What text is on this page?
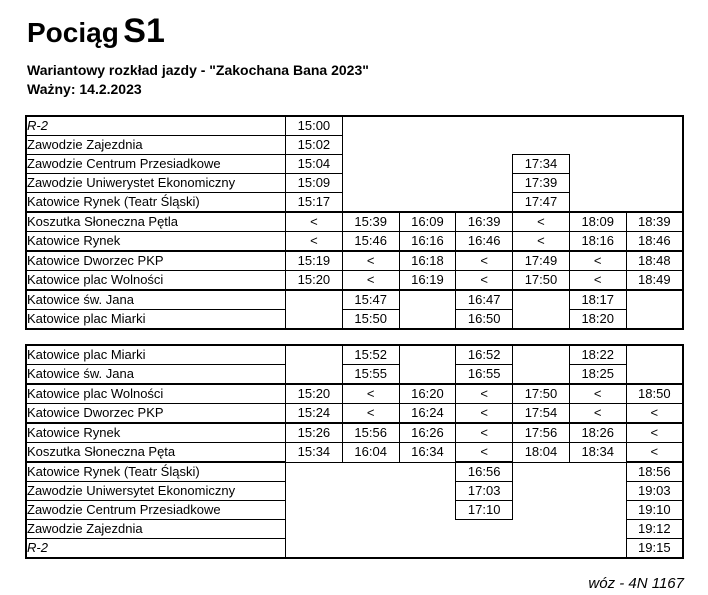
Pociąg S1
Wariantowy rozkład jazdy - "Zakochana Bana 2023"
Ważny: 14.2.2023
R-2	15:00						
Zawodzie Zajezdnia	15:02						
Zawodzie Centrum Przesiadkowe	15:04				17:34		
Zawodzie Uniwerystet Ekonomiczny	15:09				17:39		
Katowice Rynek (Teatr Śląski)	15:17				17:47		
Koszutka Słoneczna Pętla	<	15:39	16:09	16:39	<	18:09	18:39
Katowice Rynek	<	15:46	16:16	16:46	<	18:16	18:46
Katowice Dworzec PKP	15:19	<	16:18	<	17:49	<	18:48
Katowice plac Wolności	15:20	<	16:19	<	17:50	<	18:49
Katowice św. Jana		15:47		16:47		18:17	
Katowice plac Miarki		15:50		16:50		18:20	
Katowice plac Miarki		15:52		16:52		18:22	
Katowice św. Jana		15:55		16:55		18:25	
Katowice plac Wolności	15:20	<	16:20	<	17:50	<	18:50
Katowice Dworzec PKP	15:24	<	16:24	<	17:54	<	<
Katowice Rynek	15:26	15:56	16:26	<	17:56	18:26	<
Koszutka Słoneczna Pęta	15:34	16:04	16:34	<	18:04	18:34	<
Katowice Rynek (Teatr Śląski)				16:56			18:56
Zawodzie Uniwersytet Ekonomiczny				17:03			19:03
Zawodzie Centrum Przesiadkowe				17:10			19:10
Zawodzie Zajezdnia							19:12
R-2							19:15
wóz - 4N 1167
